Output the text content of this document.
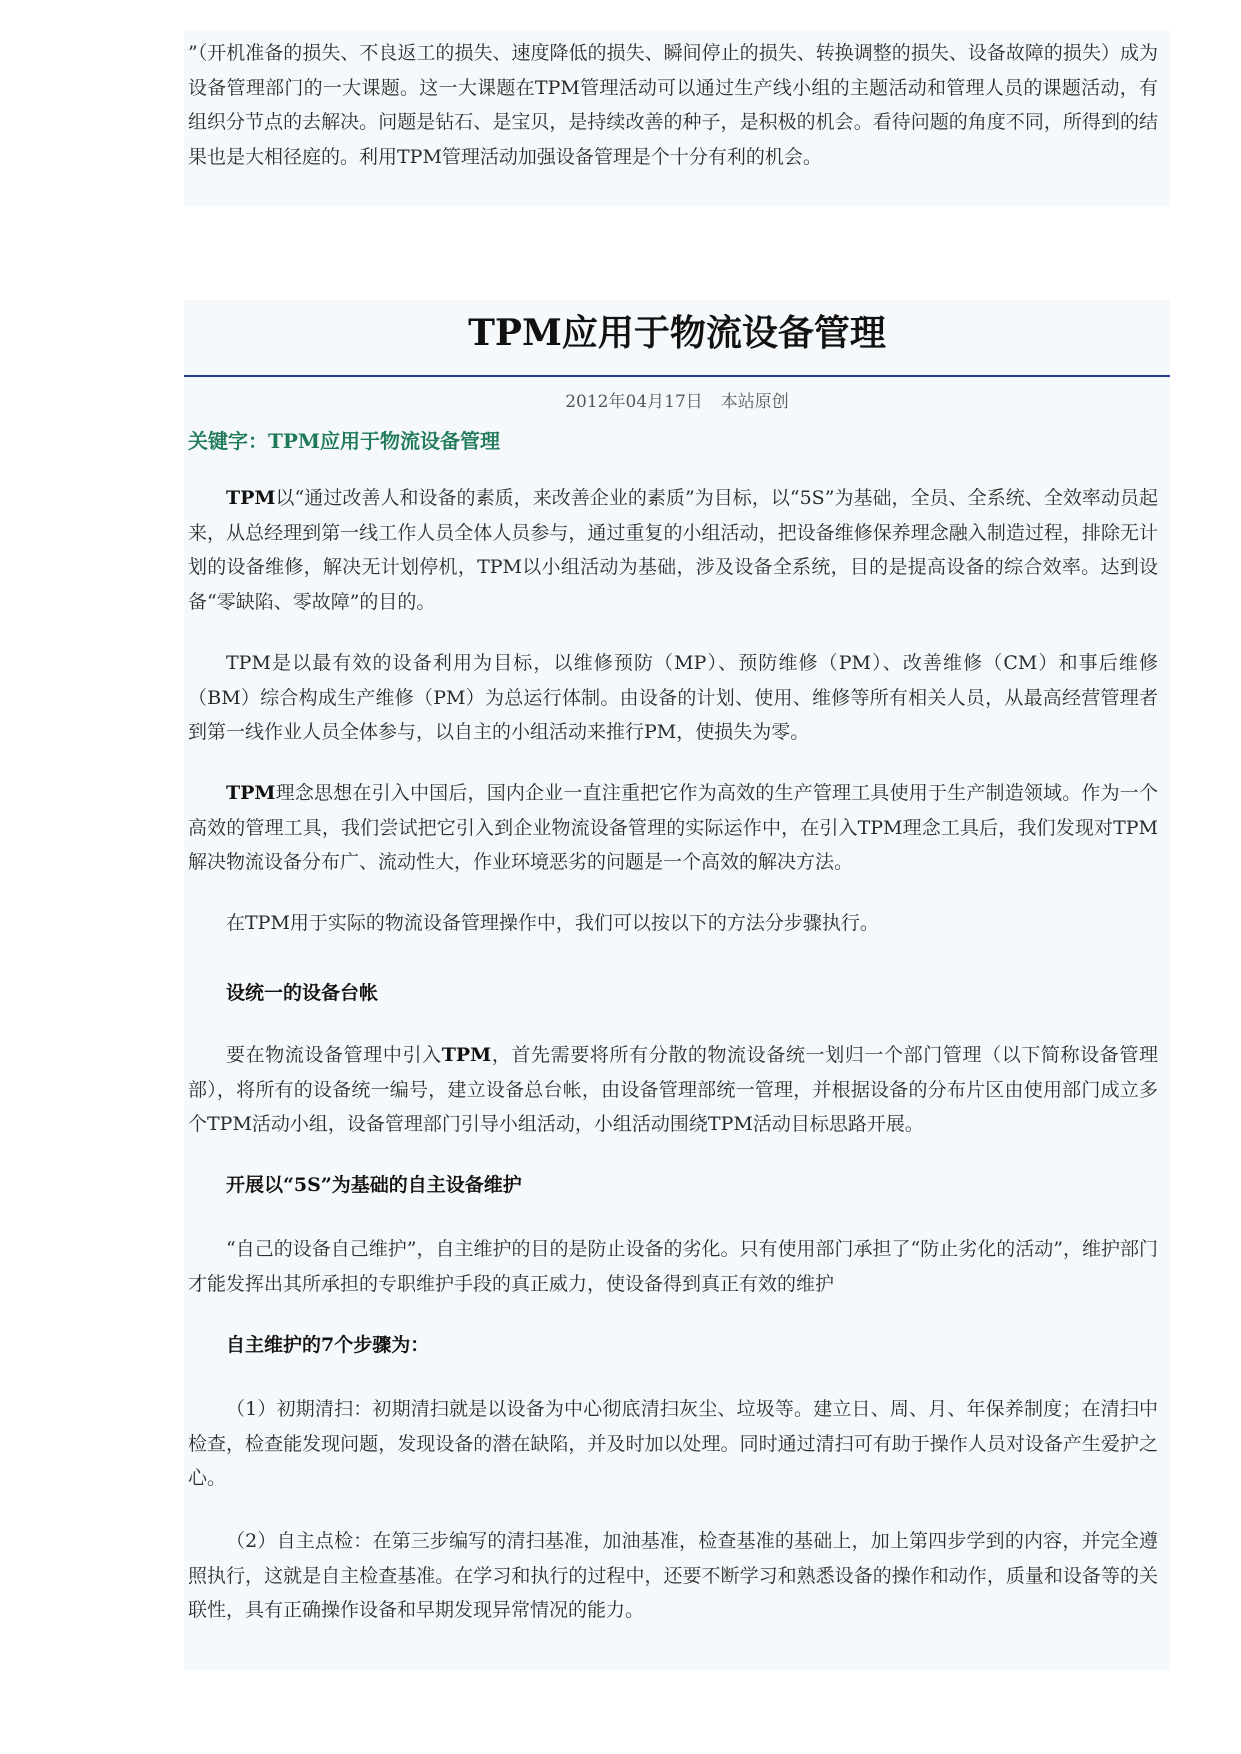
”（开机准备的损失、不良返工的损失、速度降低的损失、瞬间停止的损失、转换调整的损失、设备故障的损失）成为设备管理部门的一大课题。这一大课题在TPM管理活动可以通过生产线小组的主题活动和管理人员的课题活动，有组织分节点的去解决。问题是钻石、是宝贝，是持续改善的种子，是积极的机会。看待问题的角度不同，所得到的结果也是大相径庭的。利用TPM管理活动加强设备管理是个十分有利的机会。

TPM应用于物流设备管理
2012年04月17日 本站原创
关键字：TPM应用于物流设备管理

TPM以“通过改善人和设备的素质，来改善企业的素质”为目标，以“5S”为基础，全员、全系统、全效率动员起来，从总经理到第一线工作人员全体人员参与，通过重复的小组活动，把设备维修保养理念融入制造过程，排除无计划的设备维修，解决无计划停机，TPM以小组活动为基础，涉及设备全系统，目的是提高设备的综合效率。达到设备“零缺陷、零故障”的目的。

TPM是以最有效的设备利用为目标，以维修预防（MP）、预防维修（PM）、改善维修（CM）和事后维修（BM）综合构成生产维修（PM）为总运行体制。由设备的计划、使用、维修等所有相关人员，从最高经营管理者到第一线作业人员全体参与，以自主的小组活动来推行PM，使损失为零。

TPM理念思想在引入中国后，国内企业一直注重把它作为高效的生产管理工具使用于生产制造领域。作为一个高效的管理工具，我们尝试把它引入到企业物流设备管理的实际运作中，在引入TPM理念工具后，我们发现对TPM解决物流设备分布广、流动性大，作业环境恶劣的问题是一个高效的解决方法。

在TPM用于实际的物流设备管理操作中，我们可以按以下的方法分步骤执行。

设统一的设备台帐

要在物流设备管理中引入TPM，首先需要将所有分散的物流设备统一划归一个部门管理（以下简称设备管理部），将所有的设备统一编号，建立设备总台帐，由设备管理部统一管理，并根据设备的分布片区由使用部门成立多个TPM活动小组，设备管理部门引导小组活动，小组活动围绕TPM活动目标思路开展。

开展以“5S”为基础的自主设备维护

“自己的设备自己维护”，自主维护的目的是防止设备的劣化。只有使用部门承担了“防止劣化的活动”，维护部门才能发挥出其所承担的专职维护手段的真正威力，使设备得到真正有效的维护

自主维护的7个步骤为：

（1）初期清扫：初期清扫就是以设备为中心彻底清扫灰尘、垃圾等。建立日、周、月、年保养制度；在清扫中检查，检查能发现问题，发现设备的潜在缺陷，并及时加以处理。同时通过清扫可有助于操作人员对设备产生爱护之心。

（2）自主点检：在第三步编写的清扫基准，加油基准，检查基准的基础上，加上第四步学到的内容，并完全遵照执行，这就是自主检查基准。在学习和执行的过程中，还要不断学习和熟悉设备的操作和动作，质量和设备等的关联性，具有正确操作设备和早期发现异常情况的能力。
